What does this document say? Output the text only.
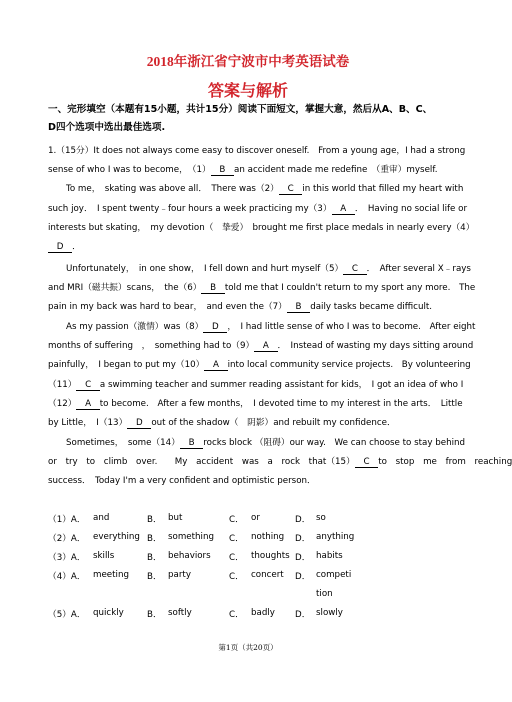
2018年浙江省宁波市中考英语试卷
答案与解析
一、完形填空（本题有15小题，共计15分）阅读下面短文，掌握大意，然后从A、B、C、
D四个选项中选出最佳选项.
1.（15分）It does not always come easy to discover oneself.　From a young age，I had a strong
sense of who I was to become，　（1）  B  an accident made me redefine　（重审）myself.
To me，　skating was above all．　There was（2）  C  in this world that filled my heart with
such joy．　I spent twenty﹣four hours a week practicing my（3）  A  ．　Having no social life or
interests but skating，　my devotion（　挚爱）　brought me first place medals in nearly every（4）
  D  ．
Unfortunately，　in one show，　I fell down and hurt myself（5）  C  ．　After several X﹣rays
and MRI（磁共振）scans，　the（6）  B  told me that I couldn't return to my sport any more.　The
pain in my back was hard to bear，　and even the（7）  B  daily tasks became difficult.
As my passion（激情）was（8）  D  ，　I had little sense of who I was to become.　After eight
months of suffering　，　something had to（9）  A  ．　Instead of wasting my days sitting around
painfully，　I began to put my（10）  A  into local community service projects.　By volunteering
（11）  C  a swimming teacher and summer reading assistant for kids，　I got an idea of who I
（12）  A  to become.　After a few months，　I devoted time to my interest in the arts．　Little
by Little，　I（13）  D  out of the shadow（　阴影）and rebuilt my confidence．
Sometimes，　some（14）  B  rocks block （阻碍）our way.　We can choose to stay behind
or　try　to　climb　over.　　My　accident　was　a　rock　that（15）  C  to　stop　me　from　reaching
success．　Today I'm a very confident and optimistic person．
（1）A． and	B． but	C． or	D． so
（2）A． everything B． something C． nothing D． anything
（3）A． skills	B． behaviors C． thoughts D． habits
（4）A． meeting B． party	C． concert D． competi
tion
（5）A． quickly	B． softly	C． badly D． slowly
第1页（共20页）
